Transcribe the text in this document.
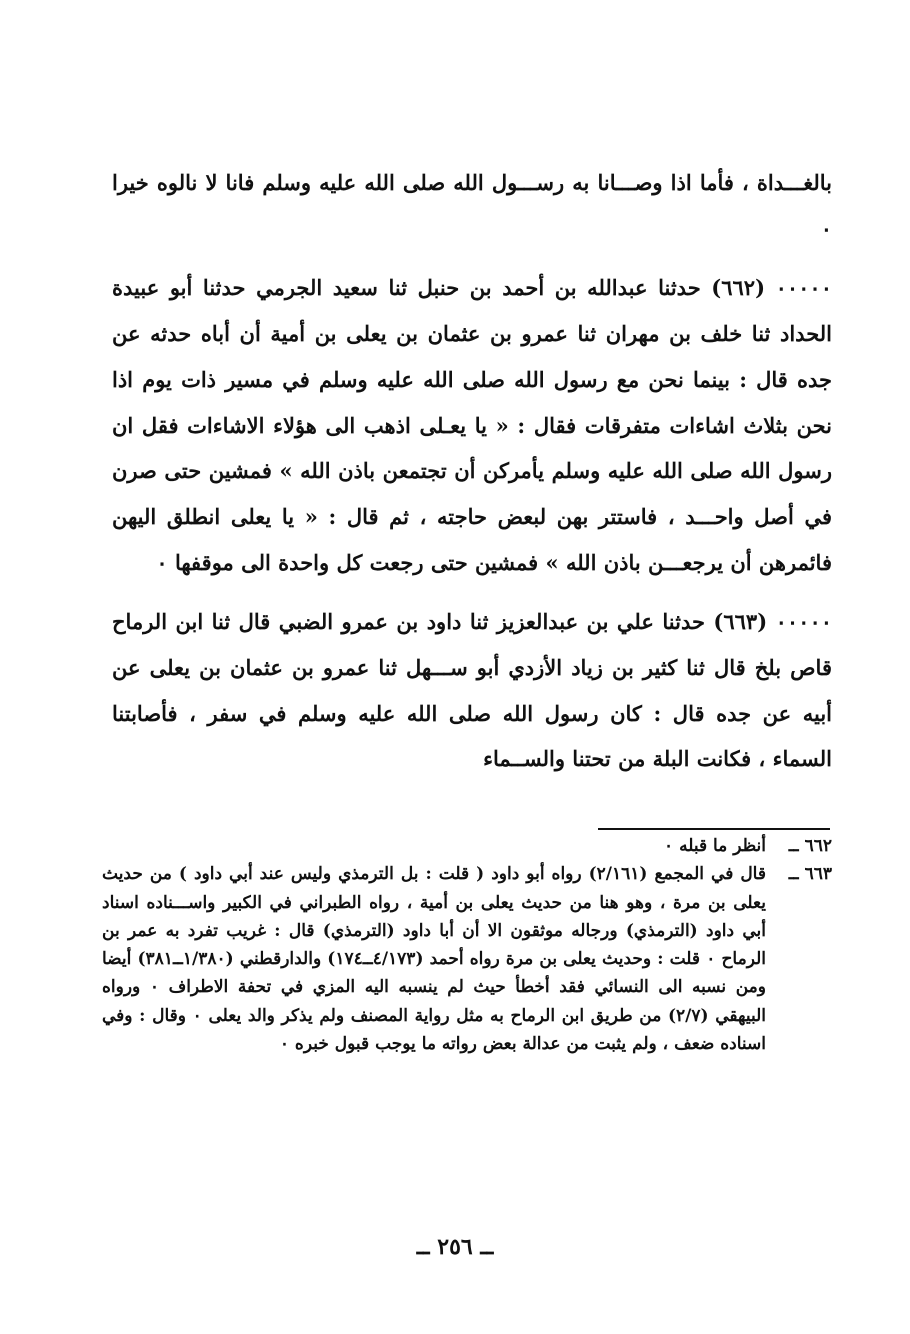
بالغـــداة ، فأما اذا وصـــانا به رســـول الله صلى الله عليه وسلم فانا لا نالوه خيرا ٠

٠٠٠٠٠ (٦٦٢) حدثنا عبدالله بن أحمد بن حنبل ثنا سعيد الجرمي حدثنا أبو عبيدة الحداد ثنا خلف بن مهران ثنا عمرو بن عثمان بن يعلى بن أمية أن أباه حدثه عن جده قال : بينما نحن مع رسول الله صلى الله عليه وسلم في مسير ذات يوم اذا نحن بثلاث اشاءات متفرقات فقال : « يا يعـلى اذهب الى هؤلاء الاشاءات فقل ان رسول الله صلى الله عليه وسلم يأمركن أن تجتمعن باذن الله » فمشين حتى صرن في أصل واحـــد ، فاستتر بهن لبعض حاجته ، ثم قال : « يا يعلى انطلق اليهن فائمرهن أن يرجعـــن باذن الله » فمشين حتى رجعت كل واحدة الى موقفها ٠

٠٠٠٠٠ (٦٦٣) حدثنا علي بن عبدالعزيز ثنا داود بن عمرو الضبي قال ثنا ابن الرماح قاص بلخ قال ثنا كثير بن زياد الأزدي أبو ســـهل ثنا عمرو بن عثمان بن يعلى عن أبيه عن جده قال : كان رسول الله صلى الله عليه وسلم في سفر ، فأصابتنا السماء ، فكانت البلة من تحتنا والســماء

٦٦٢ ــ
أنظر ما قبله ٠
٦٦٣ ــ
قال في المجمع (٢/١٦١) رواه أبو داود ( قلت : بل الترمذي وليس عند أبي داود ) من حديث يعلى بن مرة ، وهو هنا من حديث يعلى بن أمية ، رواه الطبراني في الكبير واســـناده اسناد أبي داود (الترمذي) ورجاله موثقون الا أن أبا داود (الترمذي) قال : غريب تفرد به عمر بن الرماح ٠ قلت : وحديث يعلى بن مرة رواه أحمد (٤/١٧٣ــ١٧٤) والدارقطني (١/٣٨٠ــ٣٨١) أيضا ومن نسبه الى النسائي فقد أخطأ حيث لم ينسبه اليه المزي في تحفة الاطراف ٠ ورواه البيهقي (٢/٧) من طريق ابن الرماح به مثل رواية المصنف ولم يذكر والد يعلى ٠ وقال : وفي اسناده ضعف ، ولم يثبت من عدالة بعض رواته ما يوجب قبول خبره ٠
ــ ٢٥٦ ــ
